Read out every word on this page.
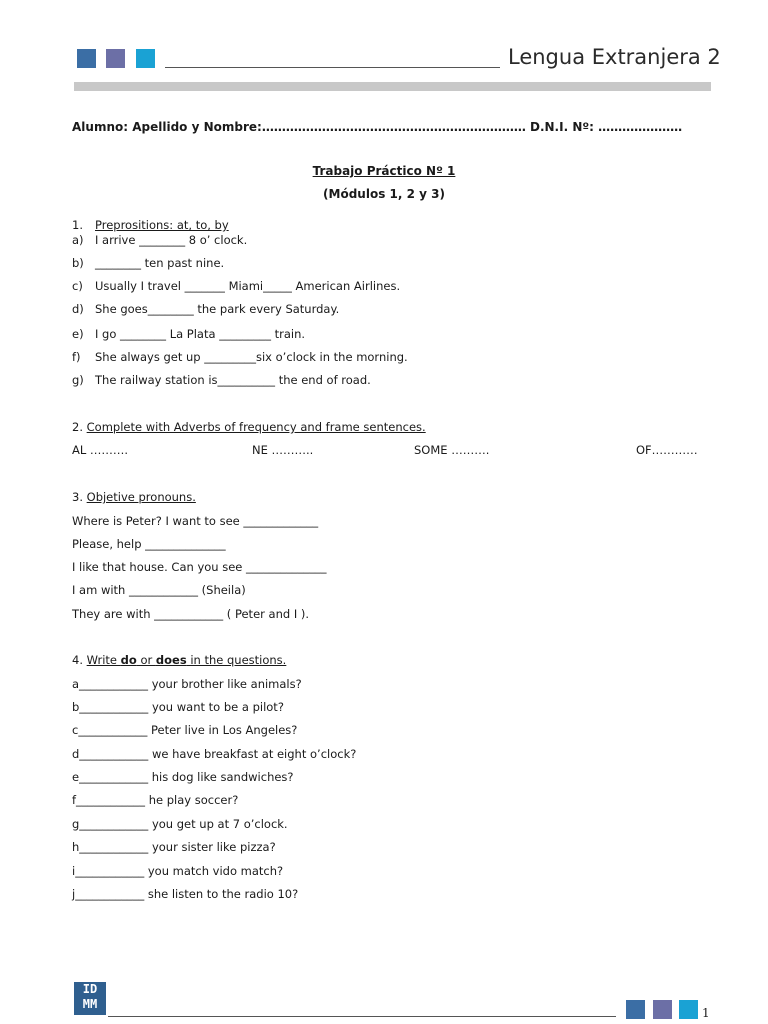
Lengua Extranjera 2
Alumno: Apellido y Nombre:………………………………………………………… D.N.I. Nº: …………………
Trabajo Práctico Nº 1
(Módulos 1, 2 y 3)
1. Preprositions: at, to, by
a) I arrive ________ 8 o’ clock.
b) ________ ten past nine.
c) Usually I travel _______ Miami_____ American Airlines.
d) She goes________ the park every Saturday.
e) I go ________ La Plata _________ train.
f) She always get up _________six o’clock in the morning.
g) The railway station is__________ the end of road.
2. Complete with Adverbs of frequency and frame sentences.
AL ……….	NE ………..	SOME ……….	OF…………
3. Objetive pronouns.
Where is Peter? I want to see _____________
Please, help ______________
I like that house. Can you see ______________
I am with ____________ (Sheila)
They are with ____________ ( Peter and I ).
4. Write do or does in the questions.
a____________ your brother like animals?
b____________ you want to be a pilot?
c____________ Peter live in Los Angeles?
d____________ we have breakfast at eight o’clock?
e____________ his dog like sandwiches?
f____________ he play soccer?
g____________ you get up at 7 o’clock.
h____________ your sister like pizza?
i____________ you match vido match?
j____________ she listen to the radio 10?
ID
MM
1
